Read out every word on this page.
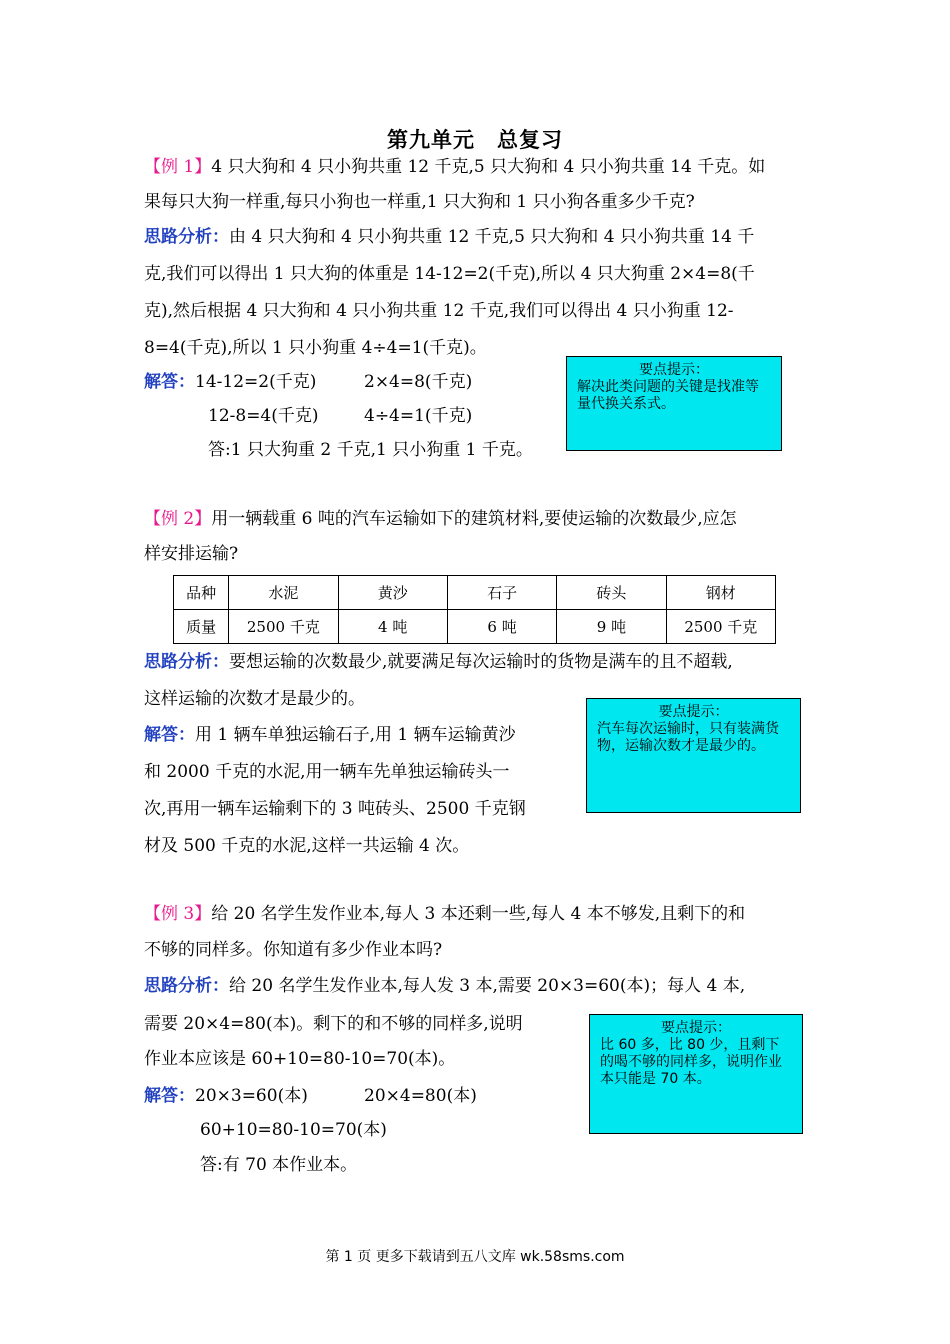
第九单元　总复习
【例 1】4 只大狗和 4 只小狗共重 12 千克,5 只大狗和 4 只小狗共重 14 千克。如
果每只大狗一样重,每只小狗也一样重,1 只大狗和 1 只小狗各重多少千克?
思路分析：由 4 只大狗和 4 只小狗共重 12 千克,5 只大狗和 4 只小狗共重 14 千
克,我们可以得出 1 只大狗的体重是 14-12=2(千克),所以 4 只大狗重 2×4=8(千
克),然后根据 4 只大狗和 4 只小狗共重 12 千克,我们可以得出 4 只小狗重 12-
8=4(千克),所以 1 只小狗重 4÷4=1(千克)。
解答：14-12=2(千克)	2×4=8(千克)
12-8=4(千克)	4÷4=1(千克)
答:1 只大狗重 2 千克,1 只小狗重 1 千克。
要点提示：
解决此类问题的关键是找准等量代换关系式。
【例 2】用一辆载重 6 吨的汽车运输如下的建筑材料,要使运输的次数最少,应怎
样安排运输?
品种	水泥	黄沙	石子	砖头	钢材
质量	2500 千克	4 吨	6 吨	9 吨	2500 千克
思路分析：要想运输的次数最少,就要满足每次运输时的货物是满车的且不超载,
这样运输的次数才是最少的。
解答：用 1 辆车单独运输石子,用 1 辆车运输黄沙
和 2000 千克的水泥,用一辆车先单独运输砖头一
次,再用一辆车运输剩下的 3 吨砖头、2500 千克钢
材及 500 千克的水泥,这样一共运输 4 次。
要点提示：
汽车每次运输时，只有装满货物，运输次数才是最少的。
【例 3】给 20 名学生发作业本,每人 3 本还剩一些,每人 4 本不够发,且剩下的和
不够的同样多。你知道有多少作业本吗?
思路分析：给 20 名学生发作业本,每人发 3 本,需要 20×3=60(本)；每人 4 本,
需要 20×4=80(本)。剩下的和不够的同样多,说明
作业本应该是 60+10=80-10=70(本)。
解答：20×3=60(本)	20×4=80(本)
60+10=80-10=70(本)
答:有 70 本作业本。
要点提示：
比 60 多，比 80 少，且剩下的喝不够的同样多，说明作业本只能是 70 本。
第 1 页 更多下载请到五八文库 wk.58sms.com
